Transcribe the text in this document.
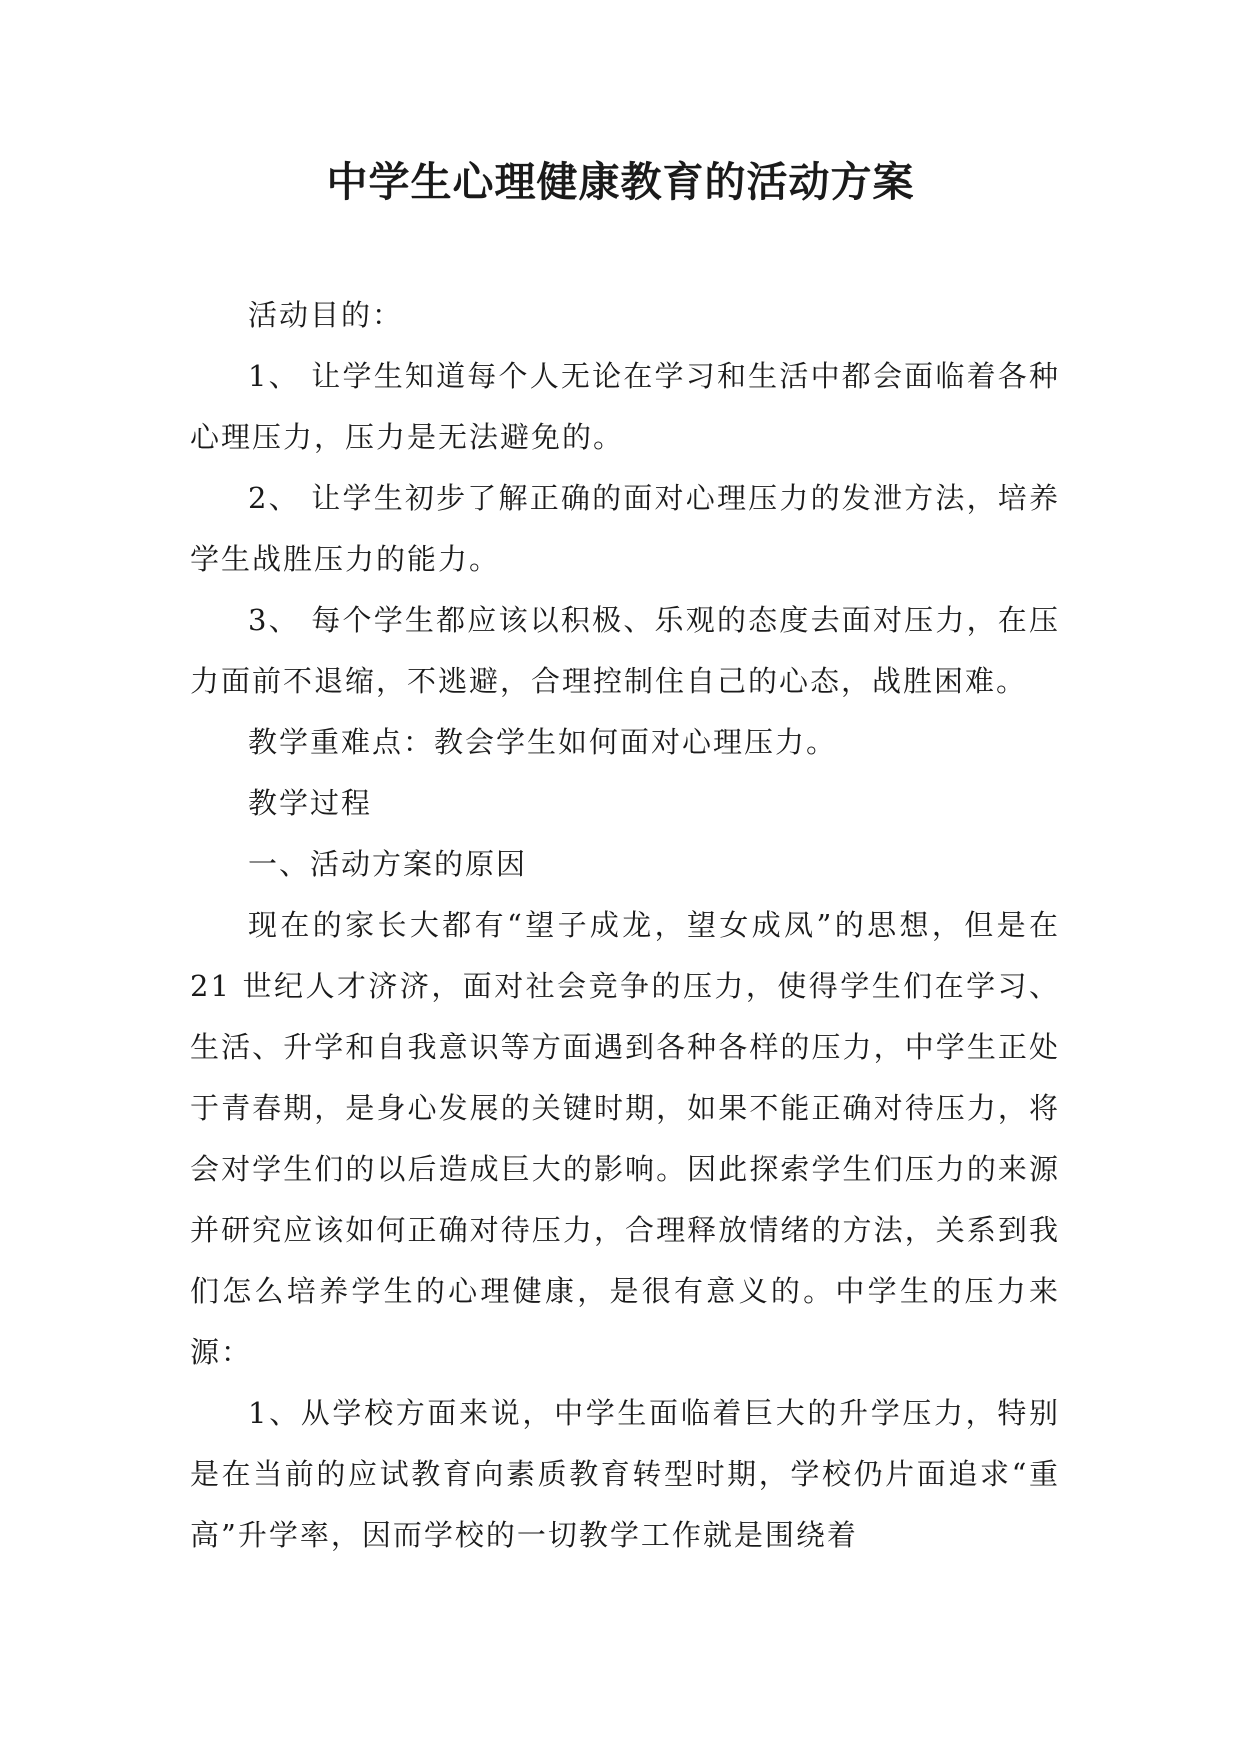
中学生心理健康教育的活动方案

活动目的：

1、 让学生知道每个人无论在学习和生活中都会面临着各种心理压力，压力是无法避免的。

2、 让学生初步了解正确的面对心理压力的发泄方法，培养学生战胜压力的能力。

3、 每个学生都应该以积极、乐观的态度去面对压力，在压力面前不退缩，不逃避，合理控制住自己的心态，战胜困难。

教学重难点：教会学生如何面对心理压力。

教学过程

一、活动方案的原因

现在的家长大都有“望子成龙，望女成凤”的思想，但是在 21 世纪人才济济，面对社会竞争的压力，使得学生们在学习、生活、升学和自我意识等方面遇到各种各样的压力，中学生正处于青春期，是身心发展的关键时期，如果不能正确对待压力，将会对学生们的以后造成巨大的影响。因此探索学生们压力的来源并研究应该如何正确对待压力，合理释放情绪的方法，关系到我们怎么培养学生的心理健康，是很有意义的。中学生的压力来源：

1、从学校方面来说，中学生面临着巨大的升学压力，特别是在当前的应试教育向素质教育转型时期，学校仍片面追求“重高”升学率，因而学校的一切教学工作就是围绕着
